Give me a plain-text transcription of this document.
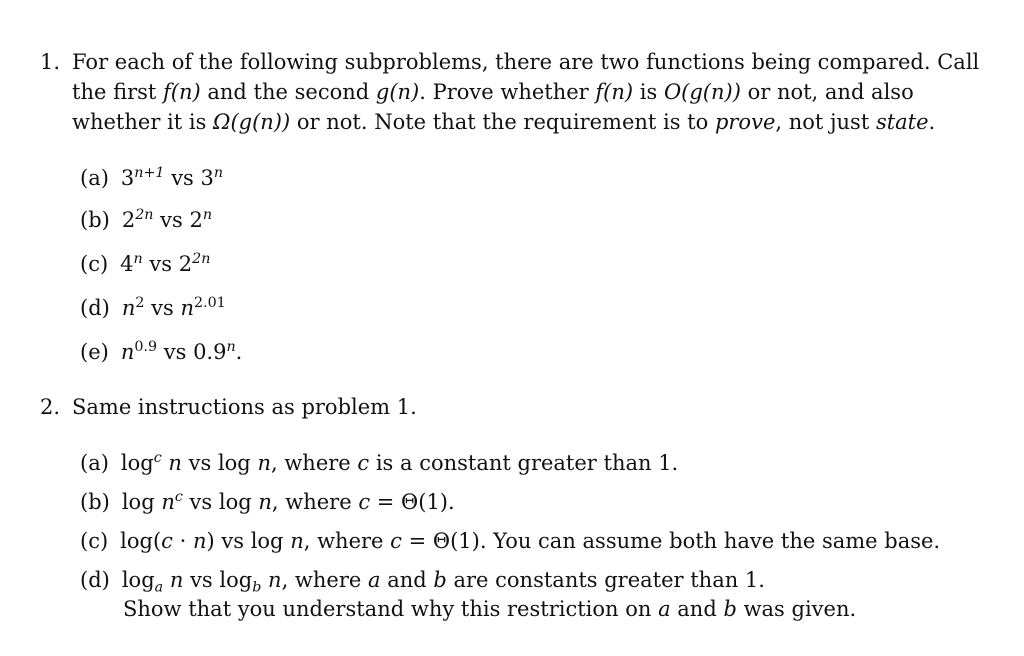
1. For each of the following subproblems, there are two functions being compared. Call
the first f(n) and the second g(n). Prove whether f(n) is O(g(n)) or not, and also
whether it is Ω(g(n)) or not. Note that the requirement is to prove, not just state.
(a) $3^{n+1}$ vs 3$^n$
(b) $2^{2n}$ vs 2$^n$
(c) 4$^n$ vs $2^{2n}$
(d) $n^2$ vs $n^{2.01}$
(e) $n^{0.9}$ vs 0.9$^n$.
2. Same instructions as problem 1.
(a) $\log^c n$ vs log n, where c is a constant greater than 1.
(b) $\log n^c$ vs log n, where c = Θ(1).
(c) log(c · n) vs log n, where c = Θ(1). You can assume both have the same base.
(d) $\log_a n$ vs $\log_b n$, where a and b are constants greater than 1.
Show that you understand why this restriction on a and b was given.
